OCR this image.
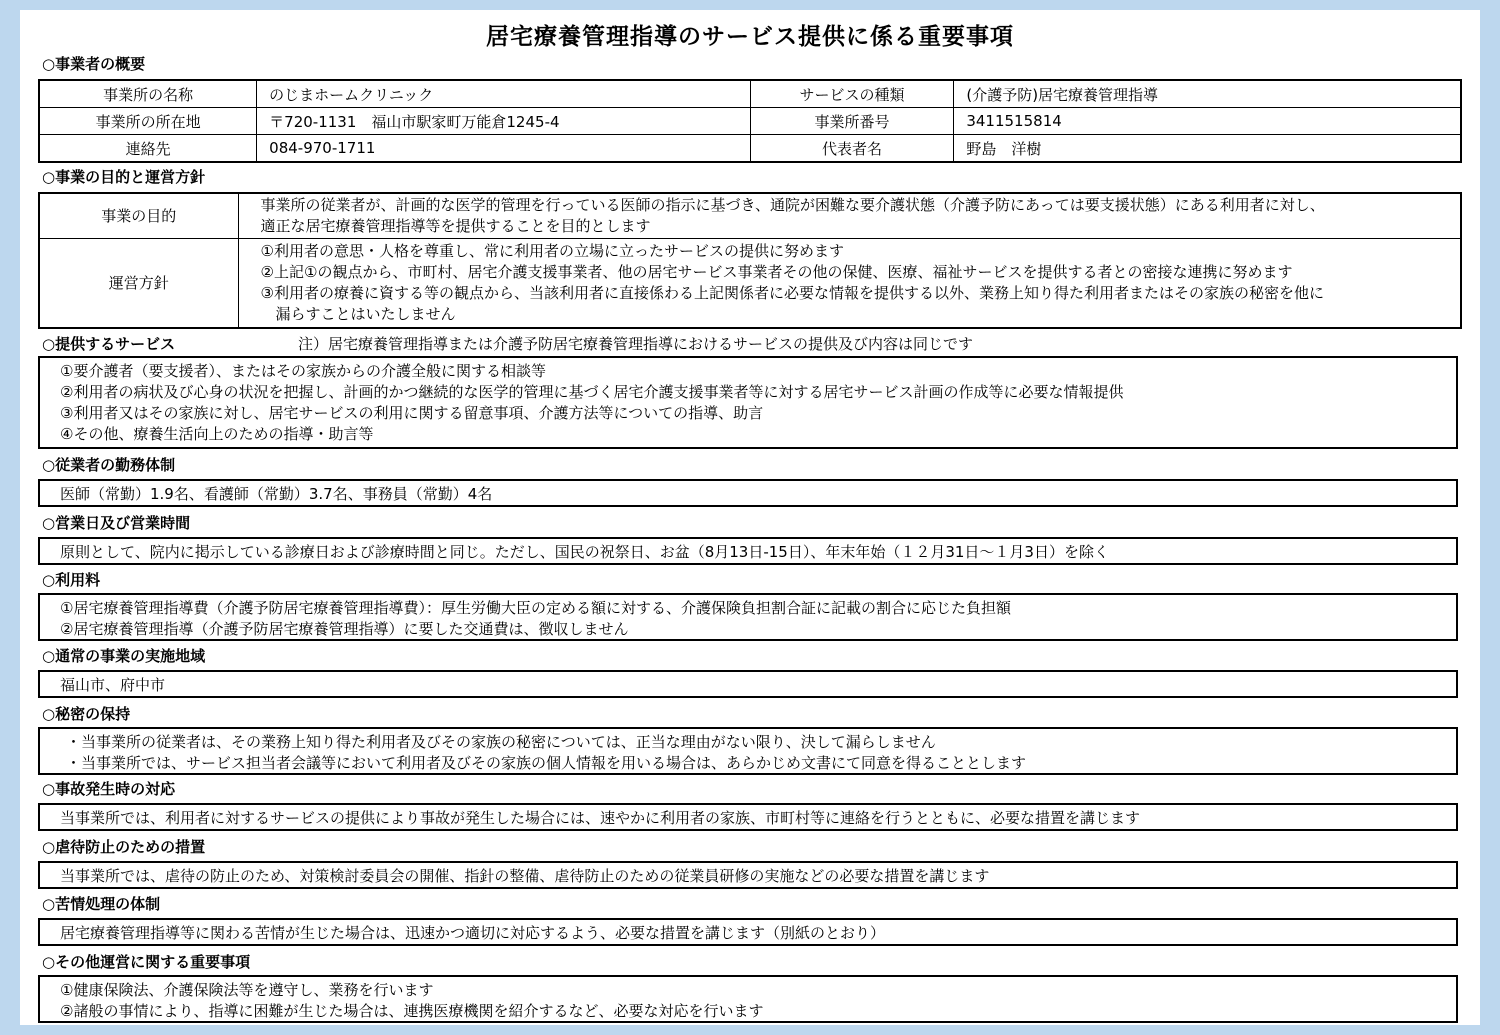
居宅療養管理指導のサービス提供に係る重要事項
○事業者の概要
事業所の名称	のじまホームクリニック	サービスの種類	(介護予防)居宅療養管理指導
事業所の所在地	〒720-1131　福山市駅家町万能倉1245-4	事業所番号	3411515814
連絡先	084-970-1711	代表者名	野島　洋樹
○事業の目的と運営方針
事業の目的	事業所の従業者が、計画的な医学的管理を行っている医師の指示に基づき、通院が困難な要介護状態（介護予防にあっては要支援状態）にある利用者に対し、
適正な居宅療養管理指導等を提供することを目的とします

運営方針	①利用者の意思・人格を尊重し、常に利用者の立場に立ったサービスの提供に努めます
②上記①の観点から、市町村、居宅介護支援事業者、他の居宅サービス事業者その他の保健、医療、福祉サービスを提供する者との密接な連携に努めます
③利用者の療養に資する等の観点から、当該利用者に直接係わる上記関係者に必要な情報を提供する以外、業務上知り得た利用者またはその家族の秘密を他に
　漏らすことはいたしません
○提供するサービス	注）居宅療養管理指導または介護予防居宅療養管理指導におけるサービスの提供及び内容は同じです
①要介護者（要支援者）、またはその家族からの介護全般に関する相談等
②利用者の病状及び心身の状況を把握し、計画的かつ継続的な医学的管理に基づく居宅介護支援事業者等に対する居宅サービス計画の作成等に必要な情報提供
③利用者又はその家族に対し、居宅サービスの利用に関する留意事項、介護方法等についての指導、助言
④その他、療養生活向上のための指導・助言等
○従業者の勤務体制
医師（常勤）1.9名、看護師（常勤）3.7名、事務員（常勤）4名
○営業日及び営業時間
原則として、院内に掲示している診療日および診療時間と同じ。ただし、国民の祝祭日、お盆（8月13日-15日）、年末年始（１２月31日～１月3日）を除く
○利用料
①居宅療養管理指導費（介護予防居宅療養管理指導費）：厚生労働大臣の定める額に対する、介護保険負担割合証に記載の割合に応じた負担額
②居宅療養管理指導（介護予防居宅療養管理指導）に要した交通費は、徴収しません
○通常の事業の実施地域
福山市、府中市
○秘密の保持
・当事業所の従業者は、その業務上知り得た利用者及びその家族の秘密については、正当な理由がない限り、決して漏らしません
・当事業所では、サービス担当者会議等において利用者及びその家族の個人情報を用いる場合は、あらかじめ文書にて同意を得ることとします
○事故発生時の対応
当事業所では、利用者に対するサービスの提供により事故が発生した場合には、速やかに利用者の家族、市町村等に連絡を行うとともに、必要な措置を講じます
○虐待防止のための措置
当事業所では、虐待の防止のため、対策検討委員会の開催、指針の整備、虐待防止のための従業員研修の実施などの必要な措置を講じます
○苦情処理の体制
居宅療養管理指導等に関わる苦情が生じた場合は、迅速かつ適切に対応するよう、必要な措置を講じます（別紙のとおり）
○その他運営に関する重要事項
①健康保険法、介護保険法等を遵守し、業務を行います
②諸般の事情により、指導に困難が生じた場合は、連携医療機関を紹介するなど、必要な対応を行います
